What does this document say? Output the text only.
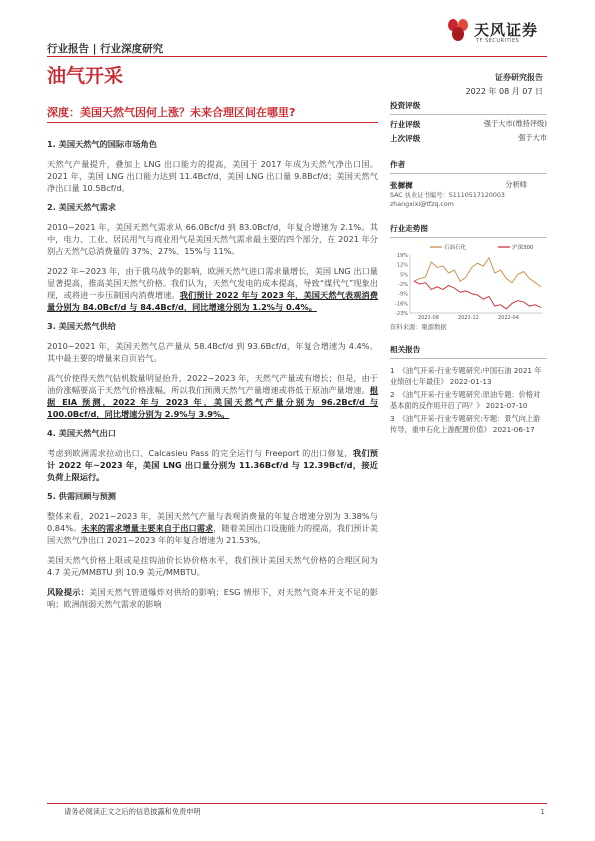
天风证券
TF SECURITIES
行业报告 | 行业深度研究
油气开采	证券研究报告
2022 年 08 月 07 日
深度：美国天然气因何上涨？未来合理区间在哪里?
1. 美国天然气的国际市场角色
天然气产量提升，叠加上 LNG 出口能力的提高，美国于 2017 年成为天然气净出口国。2021 年，美国 LNG 出口能力达到 11.4Bcf/d，美国 LNG 出口量 9.8Bcf/d；美国天然气净出口量 10.5Bcf/d。
2. 美国天然气需求
2010~2021 年，美国天然气需求从 66.0Bcf/d 到 83.0Bcf/d，年复合增速为 2.1%。其中，电力、工业、居民用气与商业用气是美国天然气需求最主要的四个部分，在 2021 年分别占天然气总消费量的 37%、27%、15%与 11%。
2022 年~2023 年，由于俄乌战争的影响，欧洲天然气进口需求量增长，美国 LNG 出口量显著提高，推高美国天然气价格。我们认为，天然气发电的成本提高，导致“煤代气”现象出现，或将进一步压制国内消费增速。我们预计 2022 年与 2023 年，美国天然气表观消费量分别为 84.0Bcf/d 与 84.4Bcf/d，同比增速分别为 1.2%与 0.4%。
3. 美国天然气供给
2010~2021 年，美国天然气总产量从 58.4Bcf/d 到 93.6Bcf/d，年复合增速为 4.4%。其中最主要的增量来自页岩气。
高气价使得天然气钻机数量明显抬升，2022~2023 年，天然气产量或有增长；但是，由于油价涨幅要高于天然气价格涨幅，所以我们预测天然气产量增速或将低于原油产量增速。根据 EIA 预测，2022 年与 2023 年，美国天然气产量分别为 96.2Bcf/d 与 100.0Bcf/d，同比增速分别为 2.9%与 3.9%。
4. 美国天然气出口
考虑到欧洲需求拉动出口、Calcasieu Pass 的完全运行与 Freeport 的出口修复，我们预计 2022 年~2023 年，美国 LNG 出口量分别为 11.36Bcf/d 与 12.39Bcf/d，接近负荷上限运行。
5. 供需回顾与预测
整体来看，2021~2023 年，美国天然气产量与表观消费量的年复合增速分别为 3.38%与 0.84%。未来的需求增量主要来自于出口需求，随着美国出口设施能力的提高，我们预计美国天然气净出口 2021~2023 年的年复合增速为 21.53%。
美国天然气价格上限或是挂钩油价长协价格水平，我们预计美国天然气价格的合理区间为 4.7 美元/MMBTU 到 10.9 美元/MMBTU。
风险提示：美国天然气管道爆炸对供给的影响；ESG 情形下，对天然气资本开支不足的影响；欧洲削弱天然气需求的影响
投资评级
行业评级	强于大市(维持评级)
上次评级	强于大市
作者
张樨樨	分析师
SAC 执业证书编号：S1110517120003
zhangxixi@tfzq.com
行业走势图
19%
12%
5%
-2%
-9%
-16%
-23%
2021-08	2021-12	2022-04
石油石化	沪深300
资料来源：聚源数据
相关报告
1 《油气开采-行业专题研究:中国石油 2021 年业绩创七年最佳》 2022-01-13
2 《油气开采-行业专题研究:原油专题：价格对基本面的反作用开启了吗？》 2021-07-10
3 《油气开采-行业专题研究:专题：景气向上游传导，重申石化上游配置价值》 2021-06-17
请务必阅读正文之后的信息披露和免责申明	1
